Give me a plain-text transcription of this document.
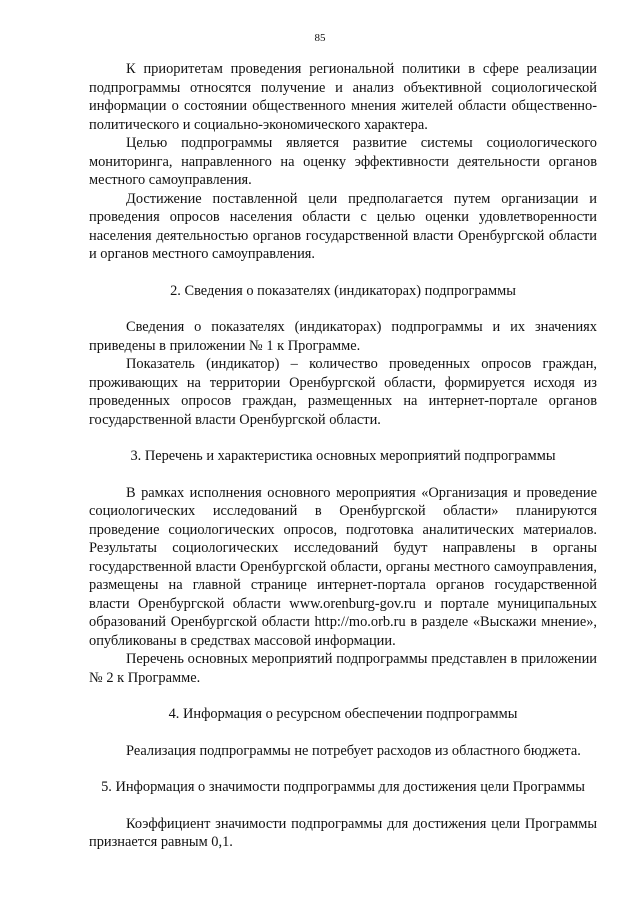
85

К приоритетам проведения региональной политики в сфере реализации подпрограммы относятся получение и анализ объективной социологической информации о состоянии общественного мнения жителей области общественно-политического и социально-экономического характера.

Целью подпрограммы является развитие системы социологического мониторинга, направленного на оценку эффективности деятельности органов местного самоуправления.

Достижение поставленной цели предполагается путем организации и проведения опросов населения области с целью оценки удовлетворенности населения деятельностью органов государственной власти Оренбургской области и органов местного самоуправления.

2. Сведения о показателях (индикаторах) подпрограммы

Сведения о показателях (индикаторах) подпрограммы и их значениях приведены в приложении № 1 к Программе.

Показатель (индикатор) – количество проведенных опросов граждан, проживающих на территории Оренбургской области, формируется исходя из проведенных опросов граждан, размещенных на интернет-портале органов государственной власти Оренбургской области.

3. Перечень и характеристика основных мероприятий подпрограммы

В рамках исполнения основного мероприятия «Организация и проведение социологических исследований в Оренбургской области» планируются проведение социологических опросов, подготовка аналитических материалов. Результаты социологических исследований будут направлены в органы государственной власти Оренбургской области, органы местного самоуправления, размещены на главной странице интернет-портала органов государственной власти Оренбургской области www.orenburg-gov.ru и портале муниципальных образований Оренбургской области http://mo.orb.ru в разделе «Выскажи мнение», опубликованы в средствах массовой информации.

Перечень основных мероприятий подпрограммы представлен в приложении № 2 к Программе.

4. Информация о ресурсном обеспечении подпрограммы

Реализация подпрограммы не потребует расходов из областного бюджета.

5. Информация о значимости подпрограммы для достижения цели Программы

Коэффициент значимости подпрограммы для достижения цели Программы признается равным 0,1.
